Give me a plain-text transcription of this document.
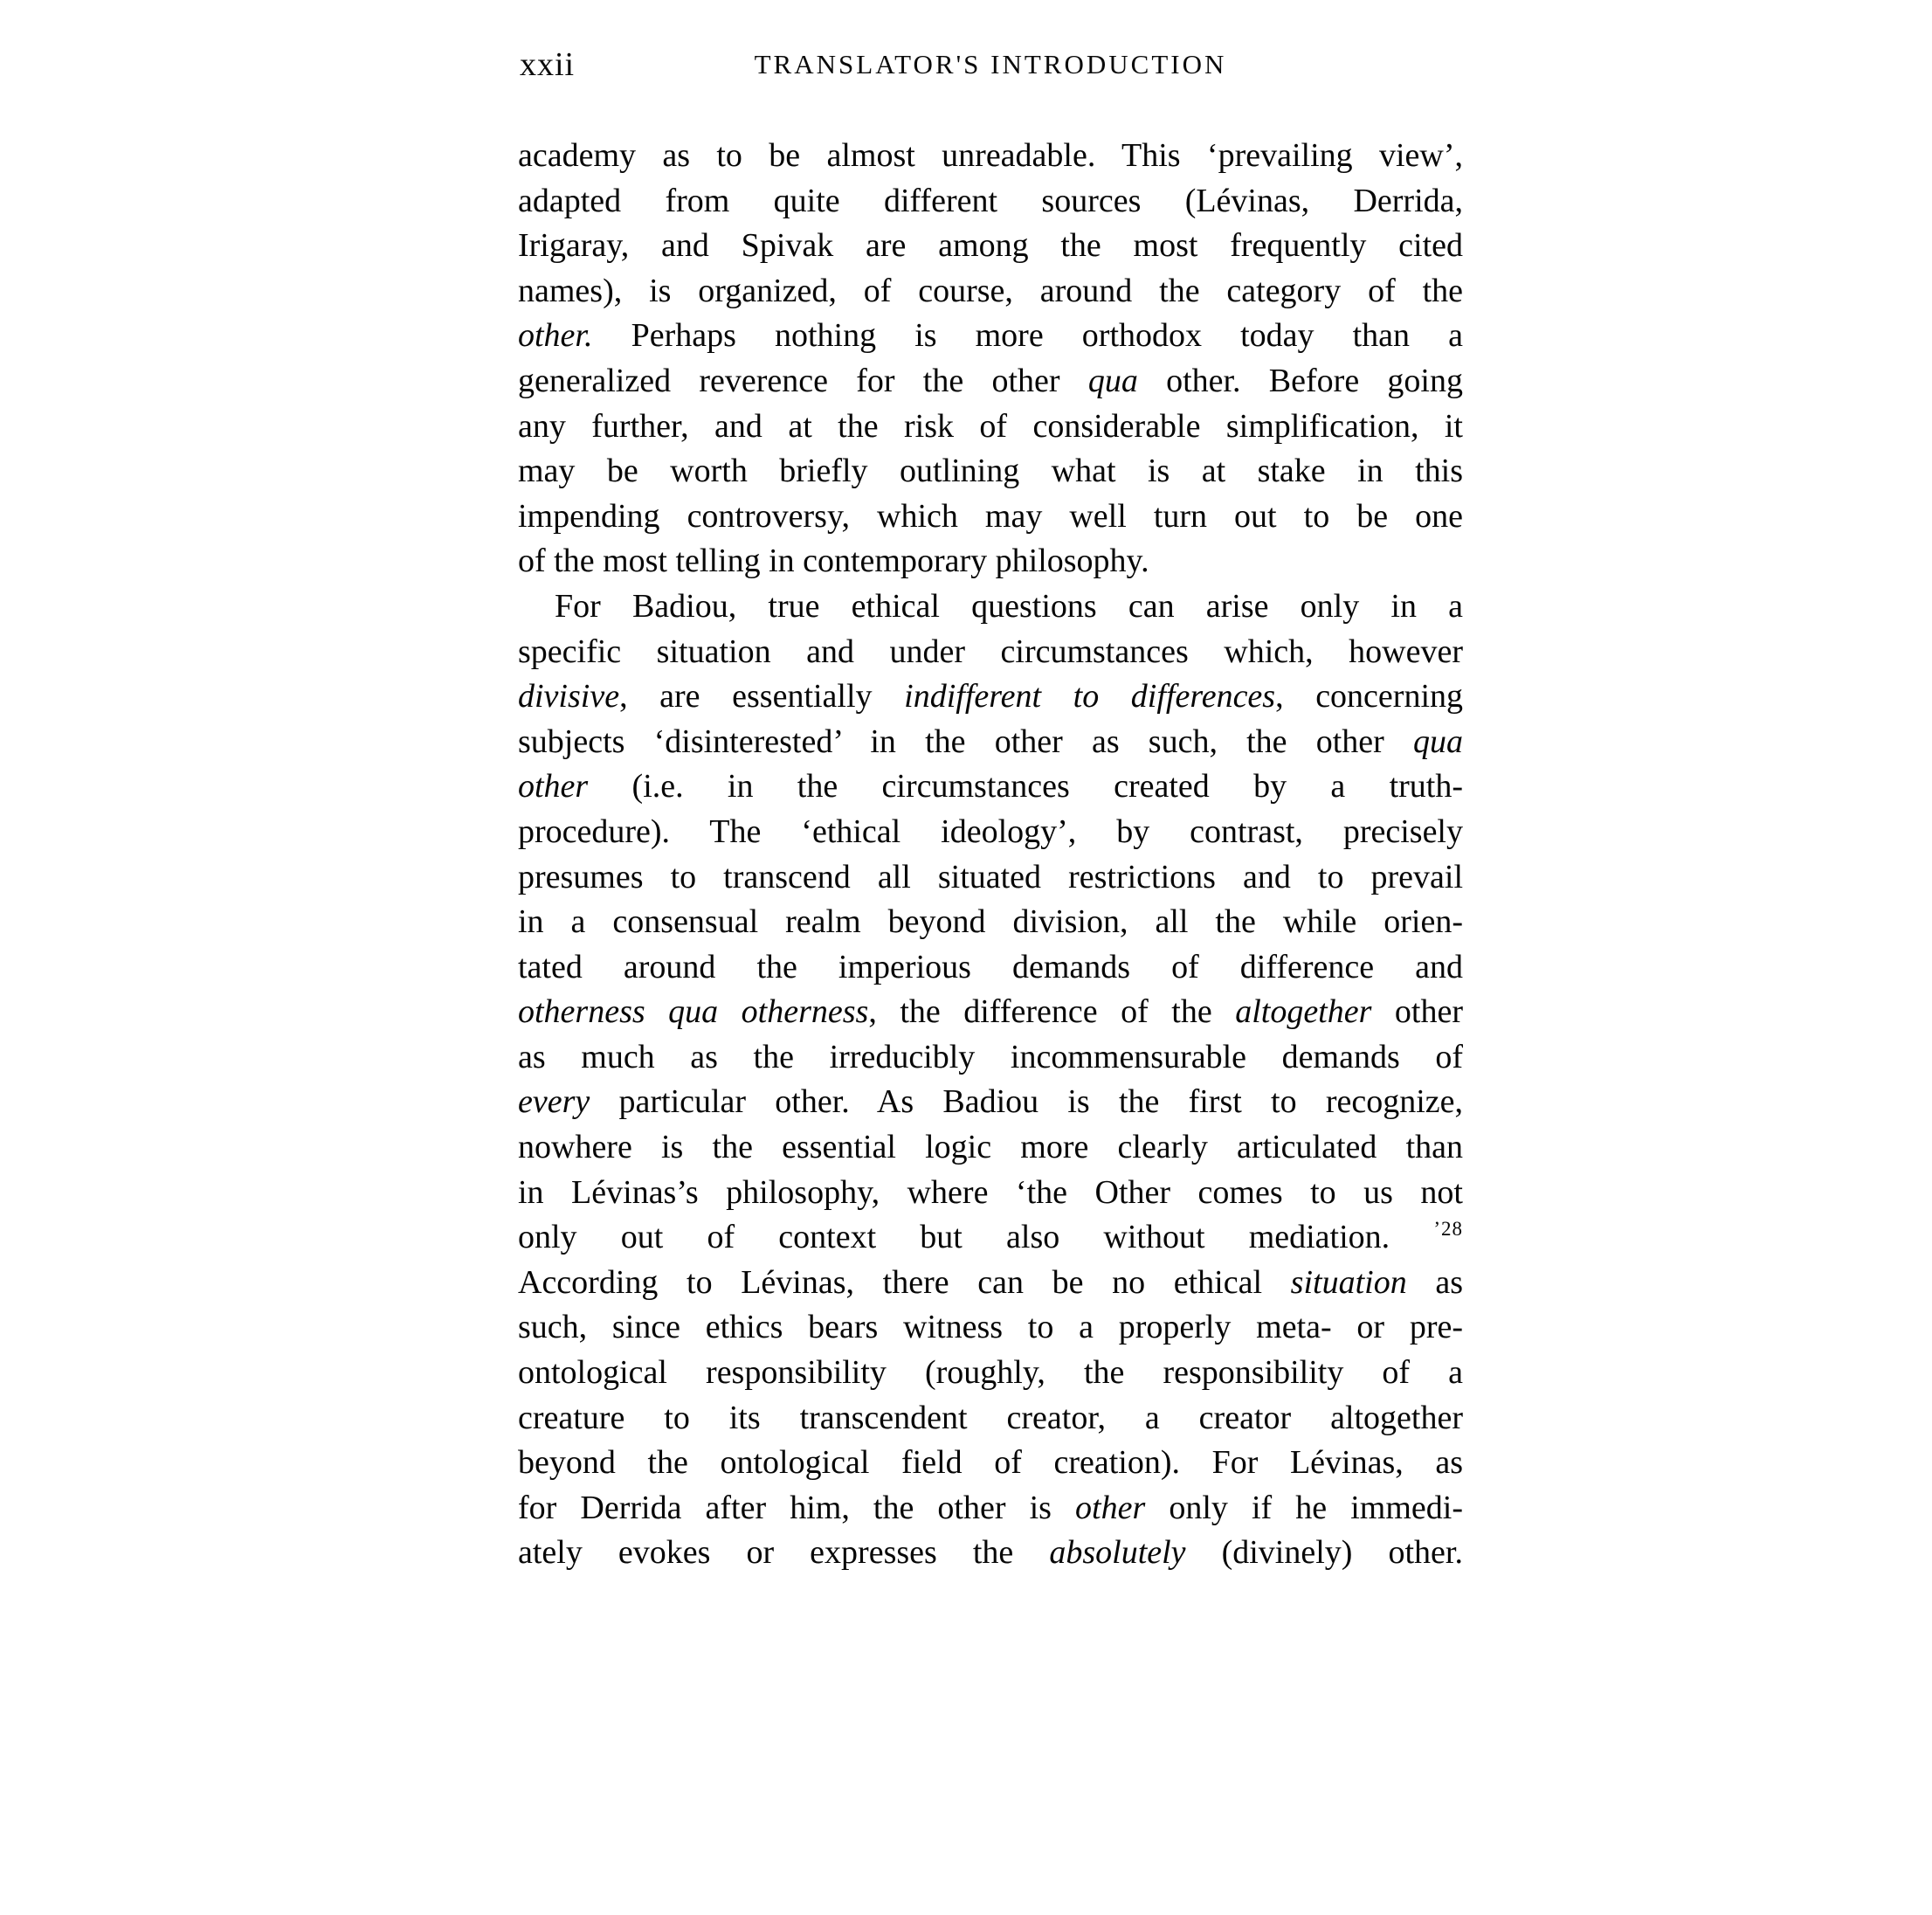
xxii	TRANSLATOR'S INTRODUCTION
academy as to be almost unreadable. This ‘prevailing view’,
adapted from quite different sources (Lévinas, Derrida,
Irigaray, and Spivak are among the most frequently cited
names), is organized, of course, around the category of the
other. Perhaps nothing is more orthodox today than a
generalized reverence for the other qua other. Before going
any further, and at the risk of considerable simplification, it
may be worth briefly outlining what is at stake in this
impending controversy, which may well turn out to be one
of the most telling in contemporary philosophy.
For Badiou, true ethical questions can arise only in a
specific situation and under circumstances which, however
divisive, are essentially indifferent to differences, concerning
subjects ‘disinterested’ in the other as such, the other qua
other (i.e. in the circumstances created by a truth-
procedure). The ‘ethical ideology’, by contrast, precisely
presumes to transcend all situated restrictions and to prevail
in a consensual realm beyond division, all the while orien-
tated around the imperious demands of difference and
otherness qua otherness, the difference of the altogether other
as much as the irreducibly incommensurable demands of
every particular other. As Badiou is the first to recognize,
nowhere is the essential logic more clearly articulated than
in Lévinas’s philosophy, where ‘the Other comes to us not
only out of context but also without mediation. $^{’28}$
According to Lévinas, there can be no ethical situation as
such, since ethics bears witness to a properly meta- or pre-
ontological responsibility (roughly, the responsibility of a
creature to its transcendent creator, a creator altogether
beyond the ontological field of creation). For Lévinas, as
for Derrida after him, the other is other only if he immedi-
ately evokes or expresses the absolutely (divinely) other.
